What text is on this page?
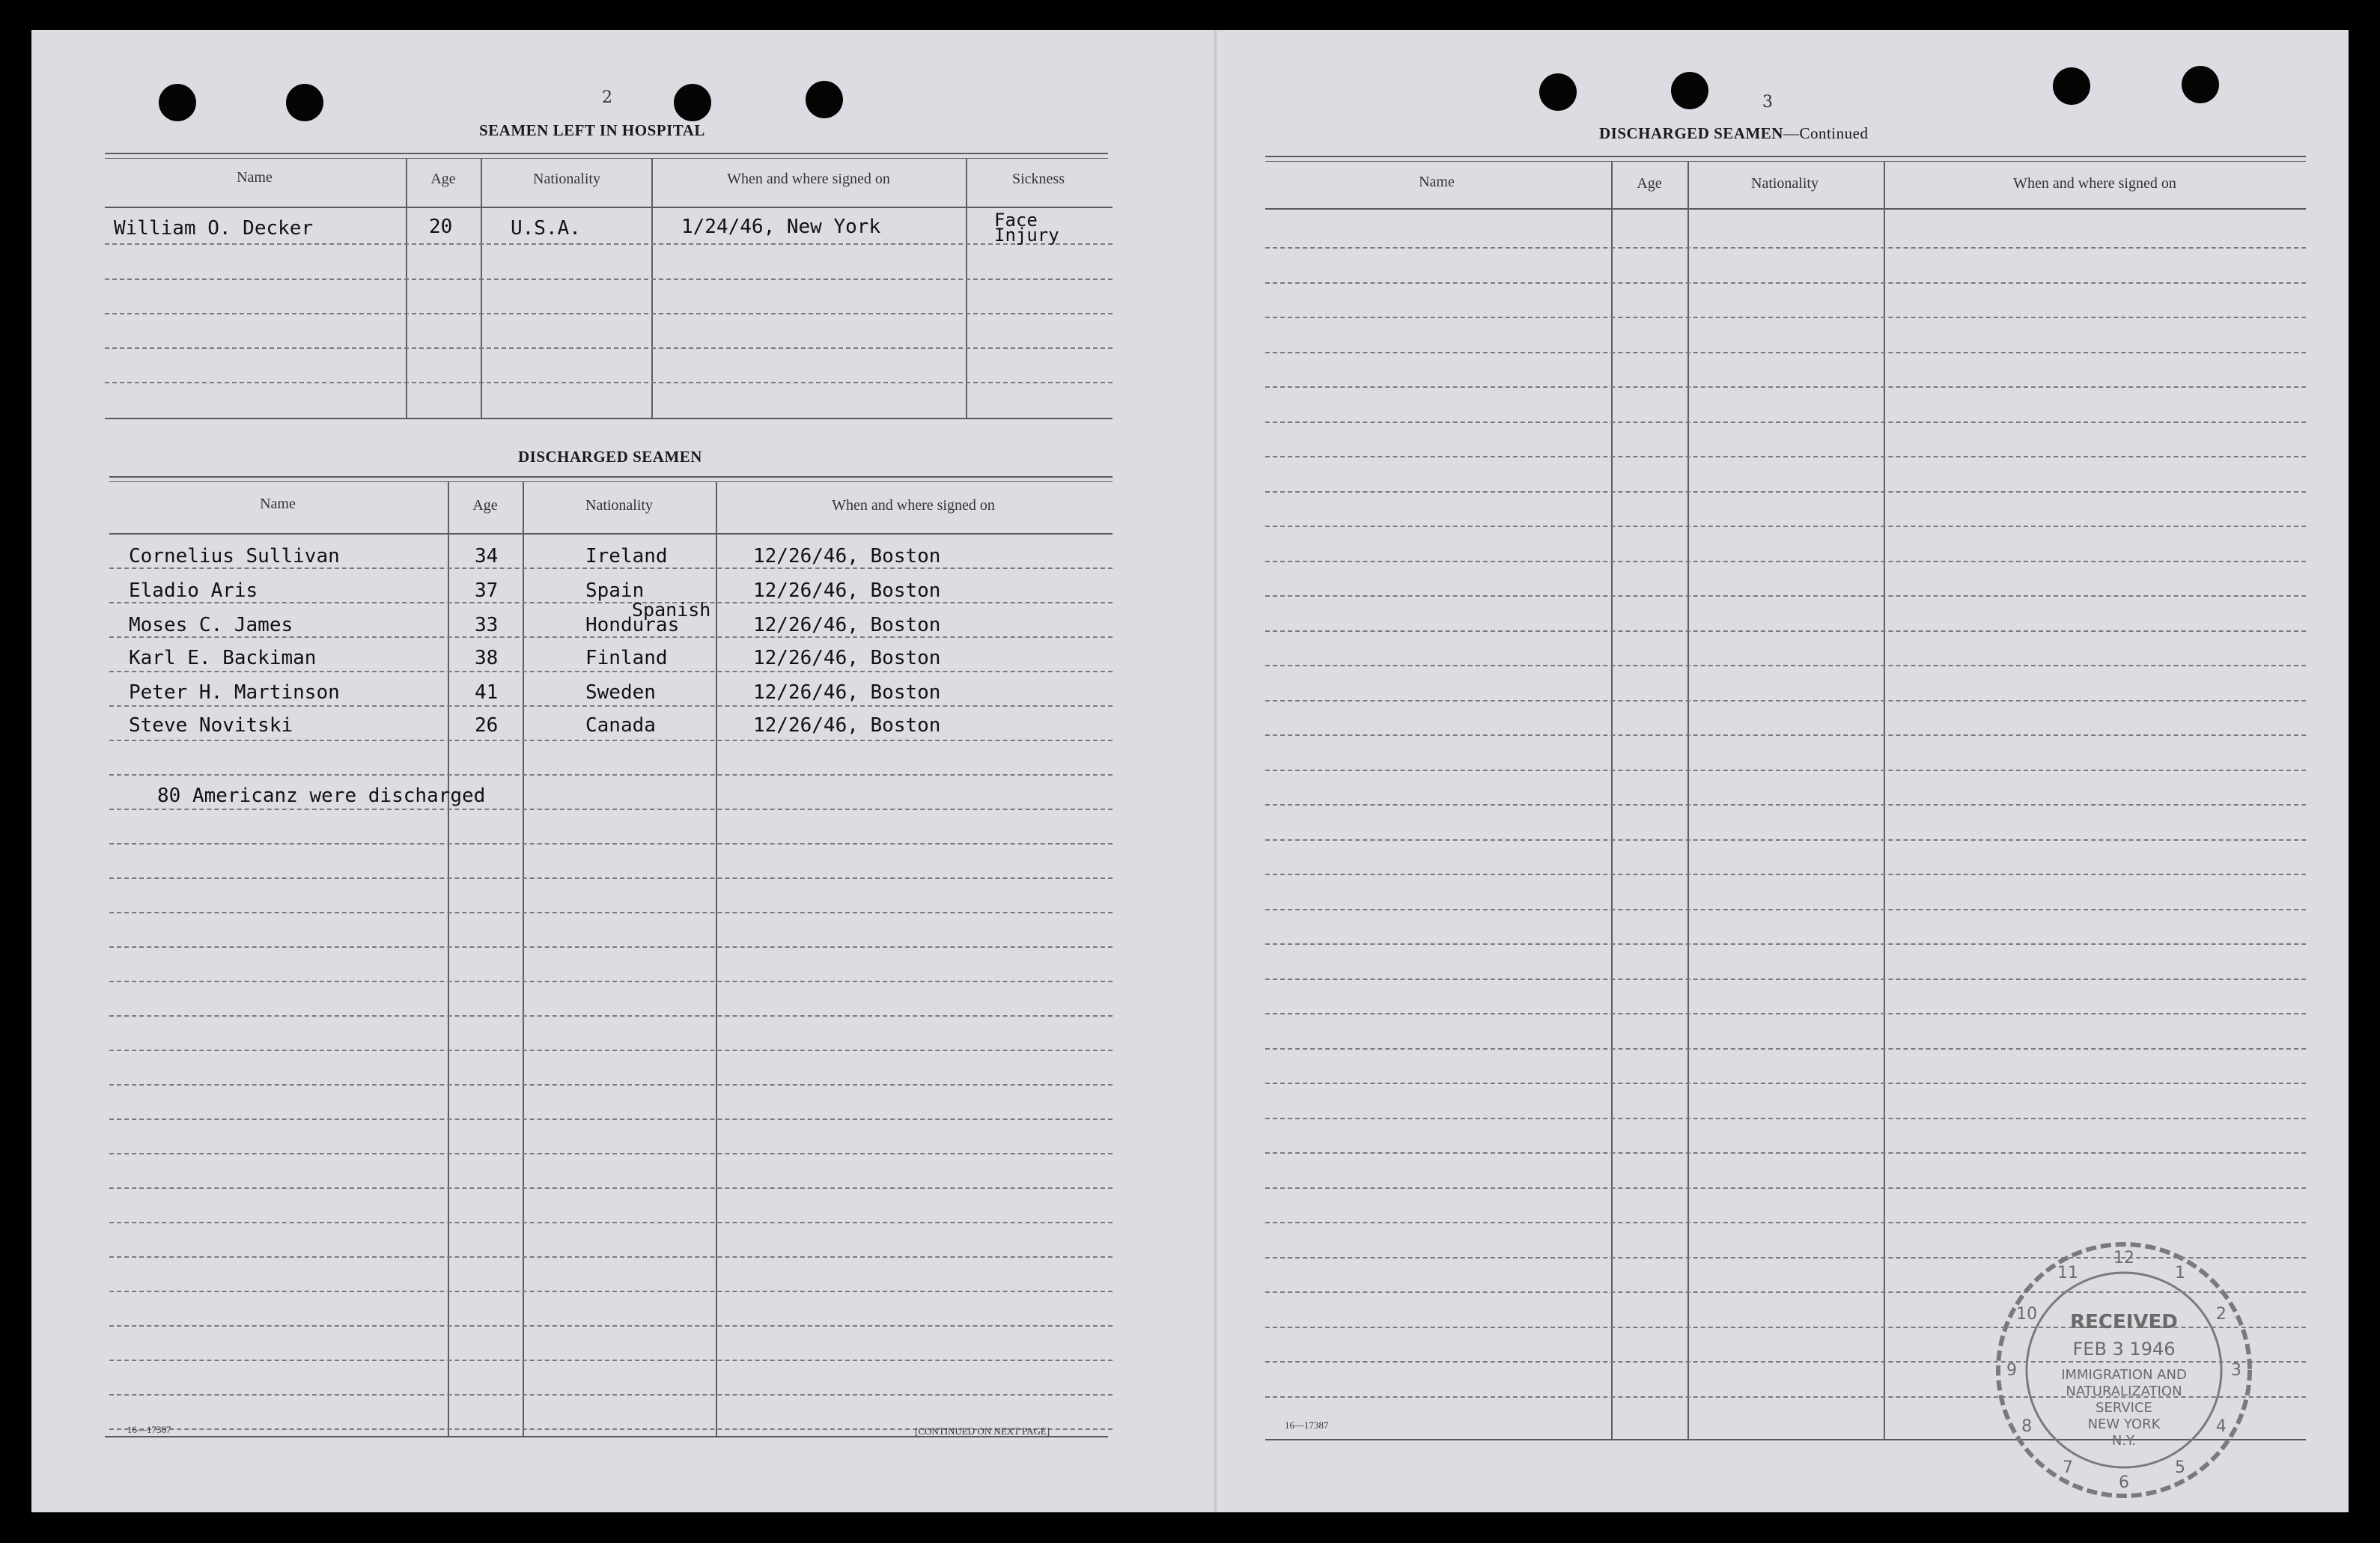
2
SEAMEN LEFT IN HOSPITAL
Name	Age	Nationality	When and where signed on	Sickness
William O. Decker	20	U.S.A.	1/24/46, New York	Face
Injury
DISCHARGED SEAMEN
Name	Age	Nationality	When and where signed on
Cornelius Sullivan	34	Ireland	12/26/46, Boston
Eladio Aris	37	Spain	12/26/46, Boston
Spanish
Moses C. James	33	Honduras	12/26/46, Boston
Karl E. Backiman	38	Finland	12/26/46, Boston
Peter H. Martinson	41	Sweden	12/26/46, Boston
Steve Novitski	26	Canada	12/26/46, Boston
80 Americanz were discharged
16—17387	[CONTINUED ON NEXT PAGE]
3
DISCHARGED SEAMEN—Continued
Name	Age	Nationality	When and where signed on
16—17387
12
1
2
3
4
5
6
7
8
9
10
11
RECEIVED
FEB 3 1946
IMMIGRATION AND
NATURALIZATION
SERVICE
NEW YORK
N.Y.
